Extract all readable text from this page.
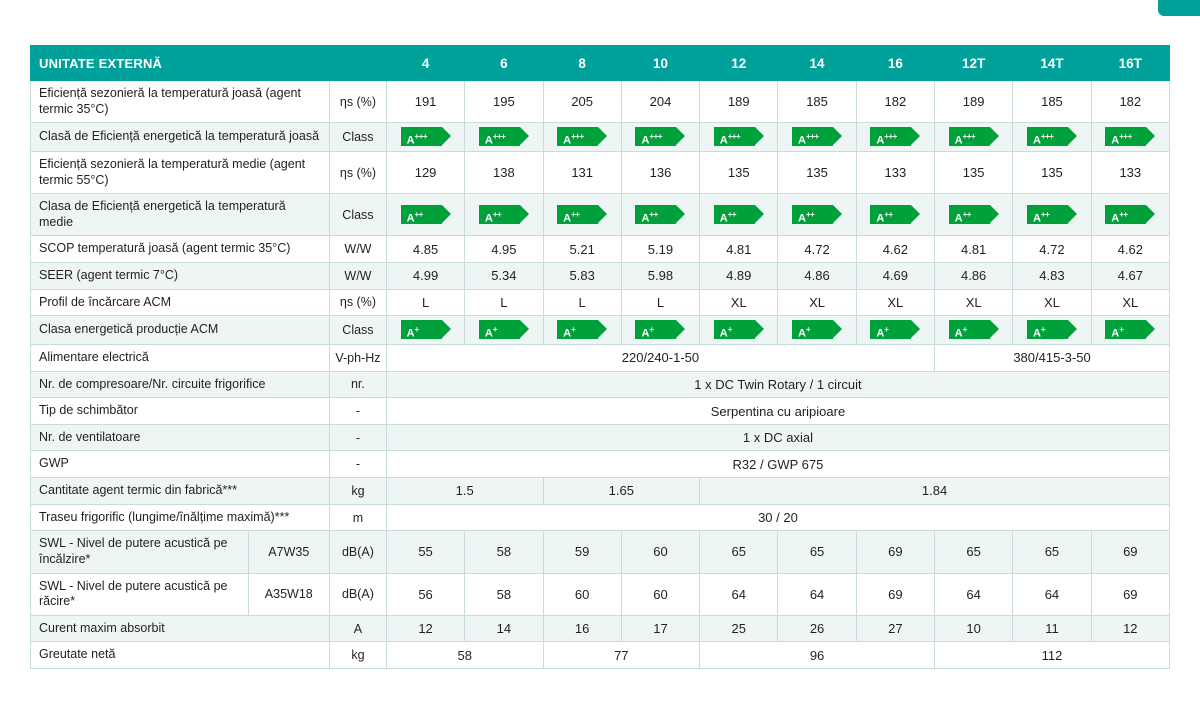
UNITATE EXTERNĂ			4	6	8	10	12	14	16	12T	14T	16T
Eficiență sezonieră la temperatură joasă (agent termic 35°C)		ηs (%)	191	195	205	204	189	185	182	189	185	182
Clasă de Eficiență energetică la temperatură joasă		Class	A+++	A+++	A+++	A+++	A+++	A+++	A+++	A+++	A+++	A+++
Eficiență sezonieră la temperatură medie (agent termic 55°C)		ηs (%)	129	138	131	136	135	135	133	135	135	133
Clasa de Eficiență energetică la temperatură medie		Class	A++	A++	A++	A++	A++	A++	A++	A++	A++	A++
SCOP temperatură joasă (agent termic 35°C)		W/W	4.85	4.95	5.21	5.19	4.81	4.72	4.62	4.81	4.72	4.62
SEER (agent termic 7°C)		W/W	4.99	5.34	5.83	5.98	4.89	4.86	4.69	4.86	4.83	4.67
Profil de încărcare ACM		ηs (%)	L	L	L	L	XL	XL	XL	XL	XL	XL
Clasa energetică producție ACM		Class	A+	A+	A+	A+	A+	A+	A+	A+	A+	A+
Alimentare electrică		V-ph-Hz	220/240-1-50							380/415-3-50		
Nr. de compresoare/Nr. circuite frigorifice		nr.	1 x DC Twin Rotary / 1 circuit									
Tip de schimbător		-	Serpentina cu aripioare									
Nr. de ventilatoare		-	1 x DC axial									
GWP		-	R32 / GWP 675									
Cantitate agent termic din fabrică***		kg	1.5		1.65		1.84					
Traseu frigorific (lungime/înălțime maximă)***		m	30 / 20									
SWL - Nivel de putere acustică pe încălzire*	A7W35	dB(A)	55	58	59	60	65	65	69	65	65	69
SWL - Nivel de putere acustică pe răcire*	A35W18	dB(A)	56	58	60	60	64	64	69	64	64	69
Curent maxim absorbit		A	12	14	16	17	25	26	27	10	11	12
Greutate netă		kg	58		77		96			112		
